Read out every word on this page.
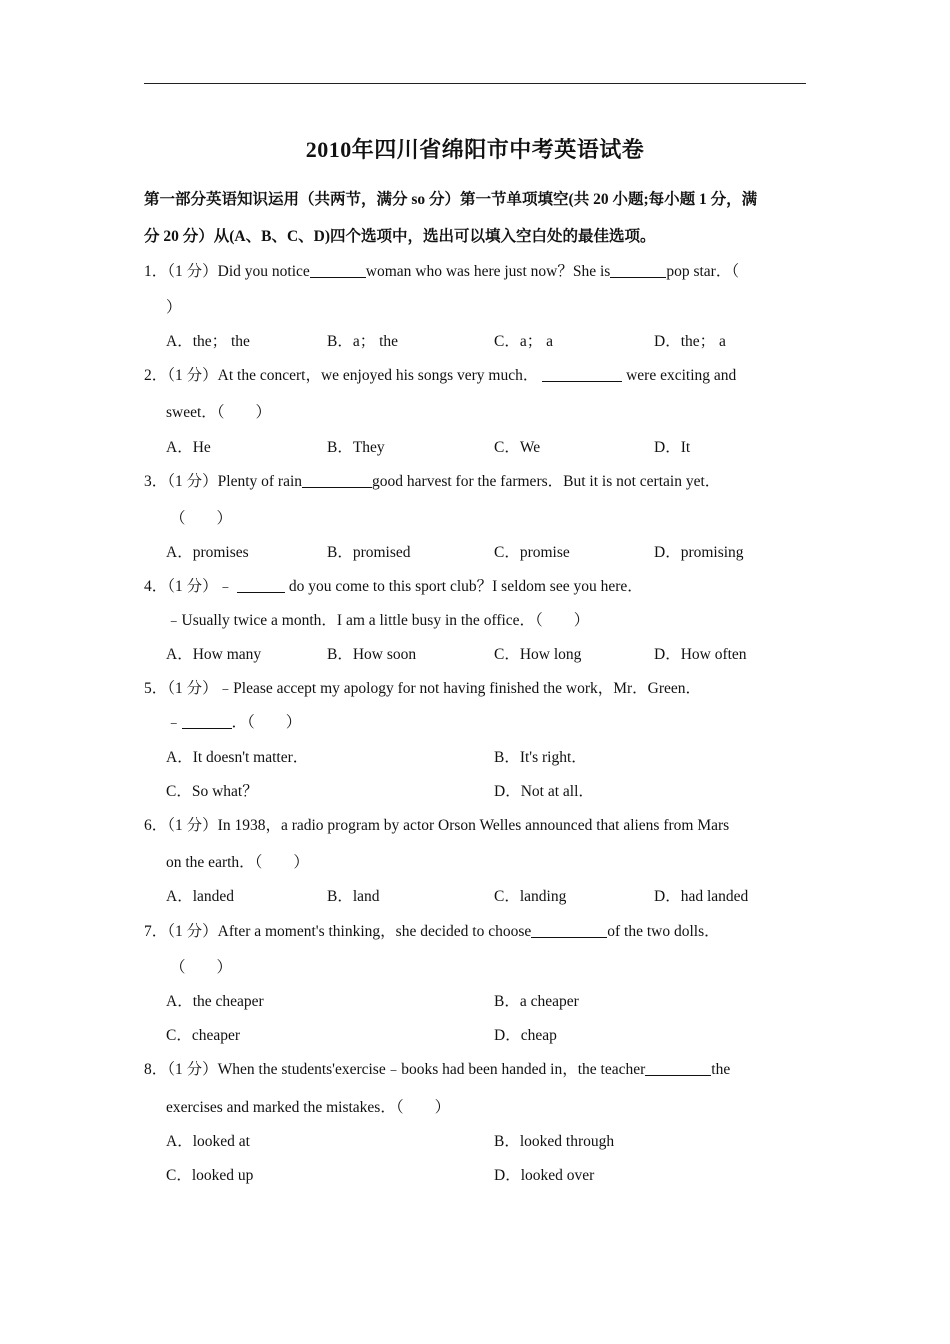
2010年四川省绵阳市中考英语试卷
第一部分英语知识运用（共两节，满分 so 分）第一节单项填空(共 20 小题;每小题 1 分，满
分 20 分）从(A、B、C、D)四个选项中，选出可以填入空白处的最佳选项。
1．（1 分）Did you notice	woman who was here just now？She is	pop star．（
）
A．the； the	B．a； the	C．a； a	D．the； a
2．（1 分）At the concert，we enjoyed his songs very much．	were exciting and
sweet．（　　）
A．He	B．They	C．We	D．It
3．（1 分）Plenty of rain	good harvest for the farmers．But it is not certain yet．
（　　）
A．promises	B．promised	C．promise	D．promising
4．（1 分）﹣	do you come to this sport club？I seldom see you here．
﹣Usually twice a month．I am a little busy in the office．（　　）
A．How many	B．How soon	C．How long	D．How often
5．（1 分）﹣Please accept my apology for not having finished the work，Mr．Green．
﹣	．（　　）
A．It doesn't matter．	B．It's right．
C．So what？	D．Not at all．
6．（1 分）In 1938，a radio program by actor Orson Welles announced that aliens from Mars
on the earth．（　　）
A．landed	B．land	C．landing	D．had landed
7．（1 分）After a moment's thinking，she decided to choose	of the two dolls．
（　　）
A．the cheaper	B．a cheaper
C．cheaper	D．cheap
8．（1 分）When the students'exercise﹣books had been handed in，the teacher	the
exercises and marked the mistakes．（　　）
A．looked at	B．looked through
C．looked up	D．looked over
